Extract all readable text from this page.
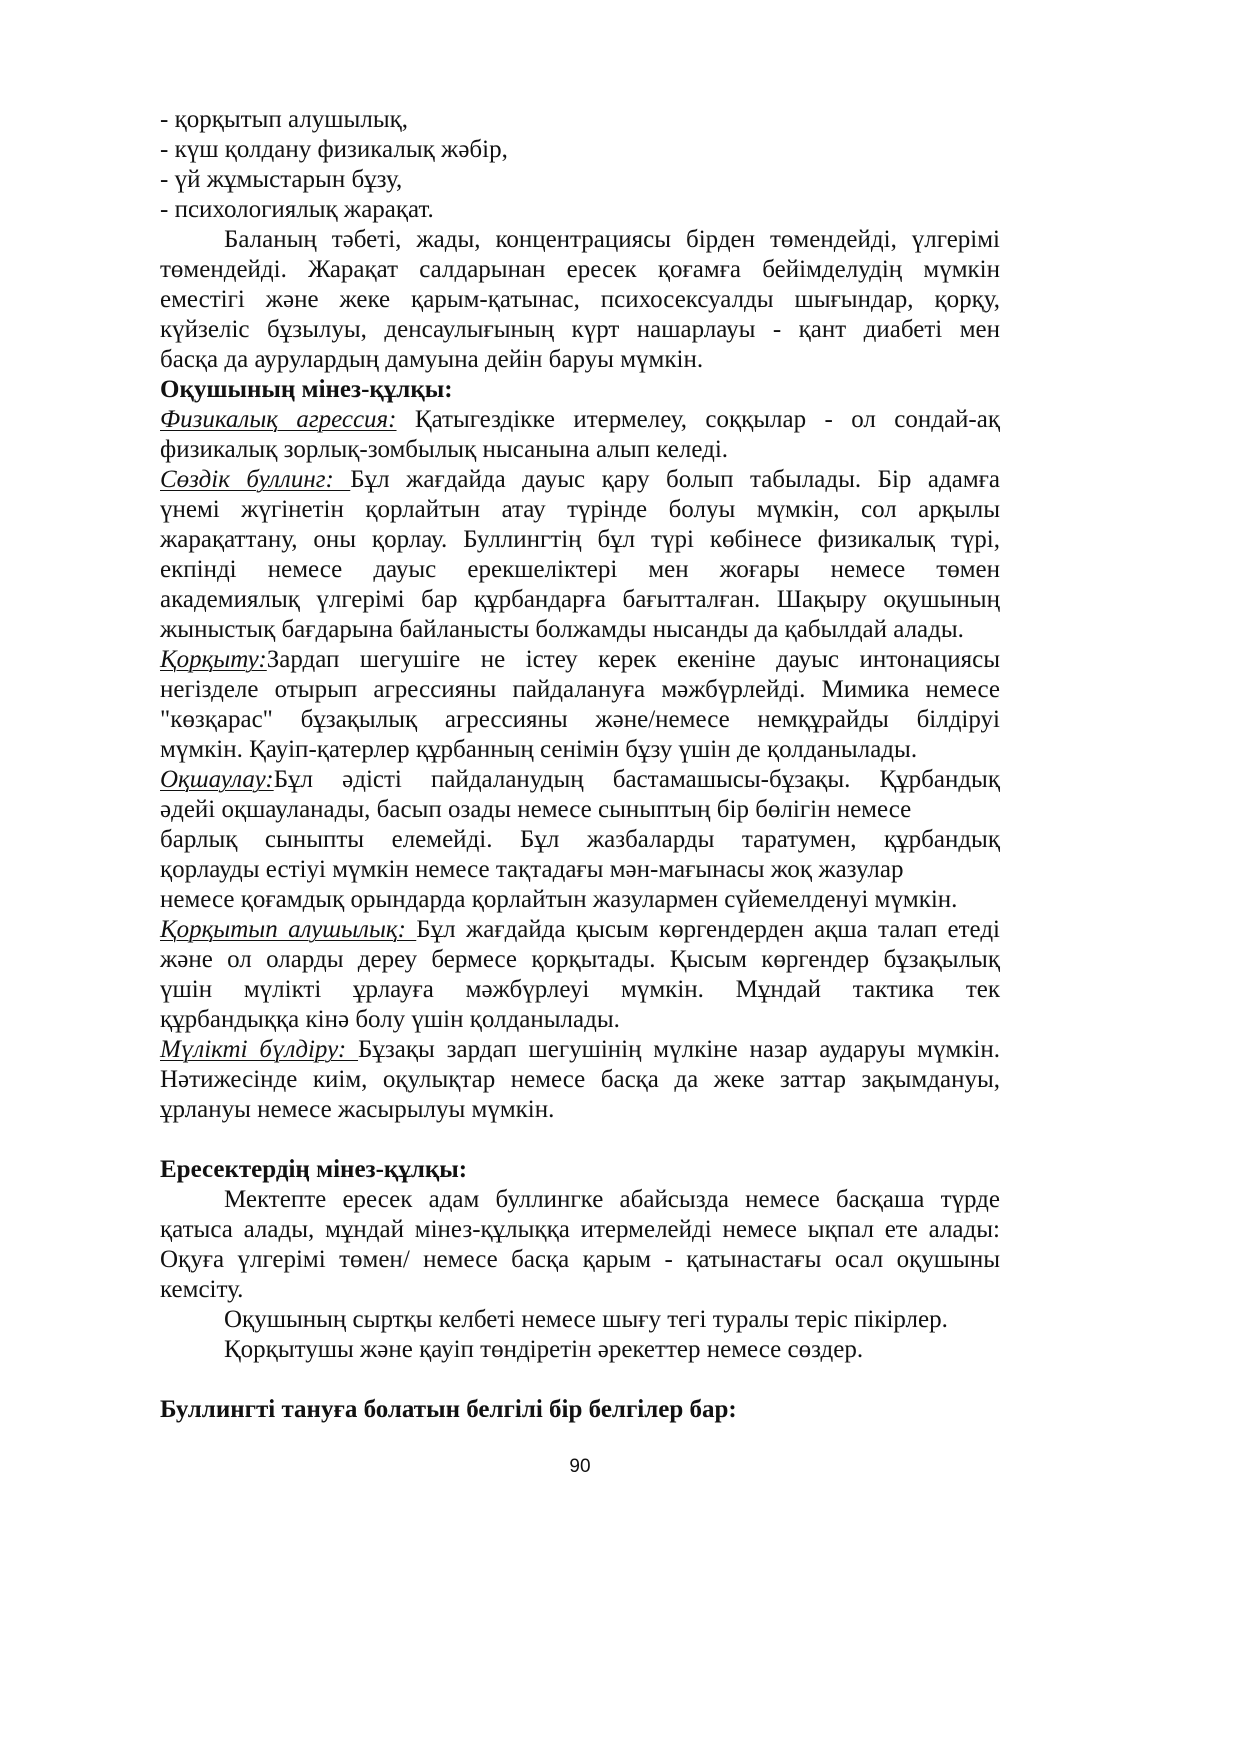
- қорқытып алушылық,
- күш қолдану физикалық жәбір,
- үй жұмыстарын бұзу,
- психологиялық жарақат.
Баланың тәбеті, жады, концентрациясы бірден төмендейді, үлгерімі
төмендейді. Жарақат салдарынан ересек қоғамға бейімделудің мүмкін
еместігі және жеке қарым-қатынас, психосексуалды шығындар, қорқу,
күйзеліс бұзылуы, денсаулығының күрт нашарлауы - қант диабеті мен
басқа да аурулардың дамуына дейін баруы мүмкін.
Оқушының мінез-құлқы:
Физикалық агрессия: Қатыгездікке итермелеу, соққылар - ол сондай-ақ
физикалық зорлық-зомбылық нысанына алып келеді.
Сөздік буллинг: Бұл жағдайда дауыс қару болып табылады. Бір адамға
үнемі жүгінетін қорлайтын атау түрінде болуы мүмкін, сол арқылы
жарақаттану, оны қорлау. Буллингтің бұл түрі көбінесе физикалық түрі,
екпінді немесе дауыс ерекшеліктері мен жоғары немесе төмен
академиялық үлгерімі бар құрбандарға бағытталған. Шақыру оқушының
жыныстық бағдарына байланысты болжамды нысанды да қабылдай алады.
Қорқыту:Зардап шегушіге не істеу керек екеніне дауыс интонациясы
негізделе отырып агрессияны пайдалануға мәжбүрлейді. Мимика немесе
"көзқарас" бұзақылық агрессияны және/немесе немқұрайды білдіруі
мүмкін. Қауіп-қатерлер құрбанның сенімін бұзу үшін де қолданылады.
Оқшаулау:Бұл әдісті пайдаланудың бастамашысы-бұзақы. Құрбандық
әдейі оқшауланады, басып озады немесе сыныптың бір бөлігін немесе
барлық сыныпты елемейді. Бұл жазбаларды таратумен, құрбандық
қорлауды естіуі мүмкін немесе тақтадағы мән-мағынасы жоқ жазулар
немесе қоғамдық орындарда қорлайтын жазулармен сүйемелденуі мүмкін.
Қорқытып алушылық: Бұл жағдайда қысым көргендерден ақша талап етеді
және ол оларды дереу бермесе қорқытады. Қысым көргендер бұзақылық
үшін мүлікті ұрлауға мәжбүрлеуі мүмкін. Мұндай тактика тек
құрбандыққа кінә болу үшін қолданылады.
Мүлікті бүлдіру: Бұзақы зардап шегушінің мүлкіне назар аударуы мүмкін.
Нәтижесінде киім, оқулықтар немесе басқа да жеке заттар зақымдануы,
ұрлануы немесе жасырылуы мүмкін.
Ересектердің мінез-құлқы:
Мектепте ересек адам буллингке абайсызда немесе басқаша түрде
қатыса алады, мұндай мінез-құлыққа итермелейді немесе ықпал ете алады:
Оқуға үлгерімі төмен/ немесе басқа қарым - қатынастағы осал оқушыны
кемсіту.
Оқушының сыртқы келбеті немесе шығу тегі туралы теріс пікірлер.
Қорқытушы және қауіп төндіретін әрекеттер немесе сөздер.
Буллингті тануға болатын белгілі бір белгілер бар:
90
